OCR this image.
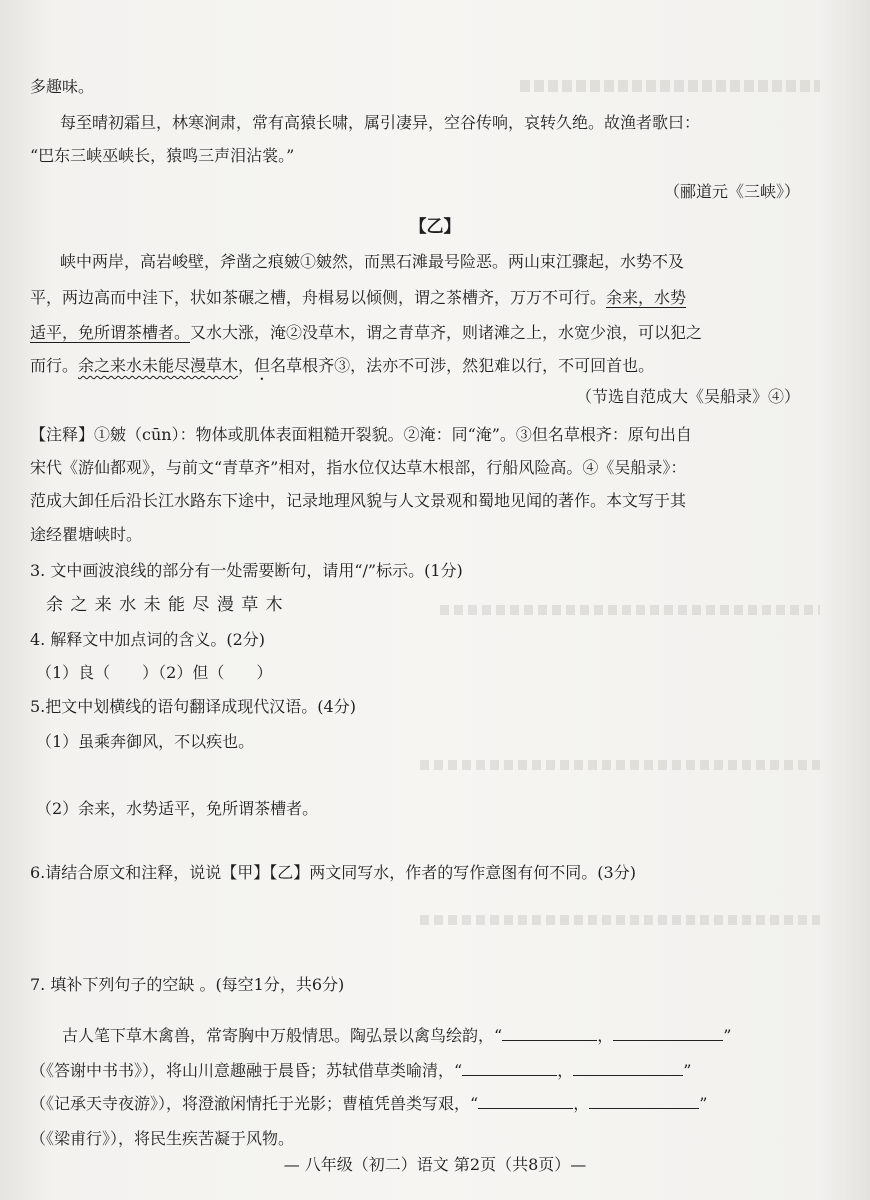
多趣味。
每至晴初霜旦，林寒涧肃，常有高猿长啸，属引凄异，空谷传响，哀转久绝。故渔者歌曰：
“巴东三峡巫峡长，猿鸣三声泪沾裳。”
（郦道元《三峡》）
【乙】
峡中两岸，高岩峻壁，斧凿之痕皴①皴然，而黑石滩最号险恶。两山束江骤起，水势不及
平，两边高而中洼下，状如茶碾之槽，舟楫易以倾侧，谓之茶槽齐，万万不可行。余来，水势
适平，免所谓茶槽者。又水大涨，淹②没草木，谓之青草齐，则诸滩之上，水宽少浪，可以犯之
而行。余之来水未能尽漫草木，但名草根齐③，法亦不可涉，然犯难以行，不可回首也。
（节选自范成大《吴船录》④）
【注释】①皴（cūn）：物体或肌体表面粗糙开裂貌。②淹：同“淹”。③但名草根齐：原句出自
宋代《游仙都观》，与前文“青草齐”相对，指水位仅达草木根部，行船风险高。④《吴船录》：
范成大卸任后沿长江水路东下途中，记录地理风貌与人文景观和蜀地见闻的著作。本文写于其
途经瞿塘峡时。
3. 文中画波浪线的部分有一处需要断句，请用“/”标示。(1分)
余 之 来 水 未 能 尽 漫 草 木
4. 解释文中加点词的含义。(2分)
（1）良（　　）（2）但（　　）
5.把文中划横线的语句翻译成现代汉语。(4分)
（1）虽乘奔御风，不以疾也。
（2）余来，水势适平，免所谓茶槽者。
6.请结合原文和注释，说说【甲】【乙】两文同写水，作者的写作意图有何不同。(3分)
7. 填补下列句子的空缺 。(每空1分，共6分)
古人笔下草木禽兽，常寄胸中万般情思。陶弘景以禽鸟绘韵，“	，	”
（《答谢中书书》），将山川意趣融于晨昏；苏轼借草类喻清，“	，	”
（《记承天寺夜游》），将澄澈闲情托于光影；曹植凭兽类写艰，“	，	”
（《梁甫行》），将民生疾苦凝于风物。
— 八年级（初二）语文 第2页（共8页）—
